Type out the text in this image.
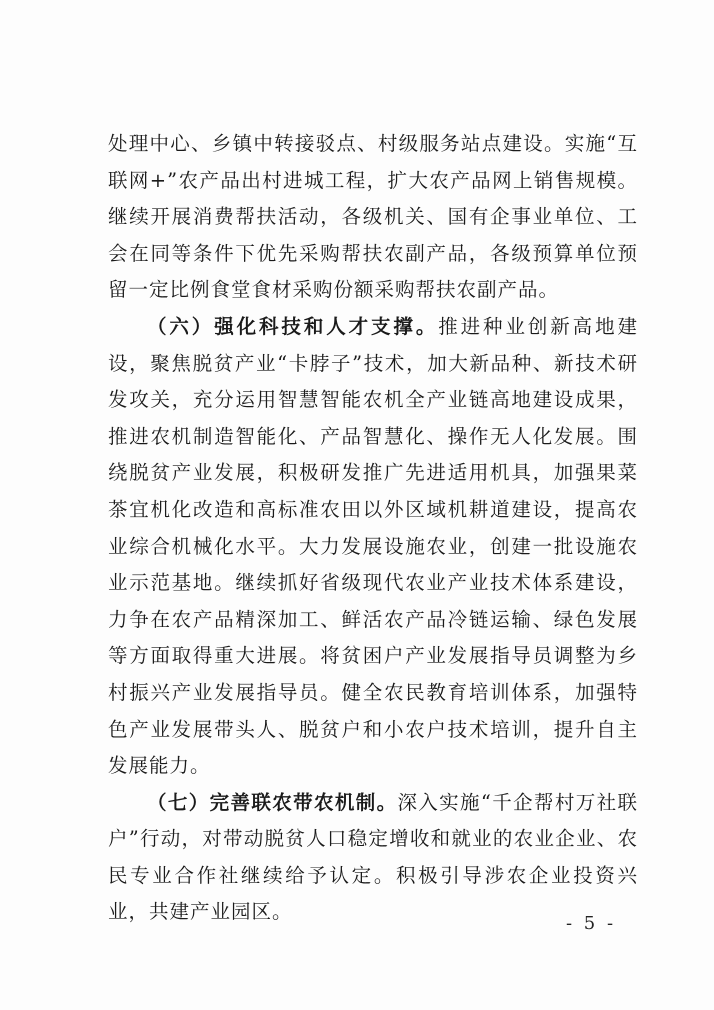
处理中心、乡镇中转接驳点、村级服务站点建设。实施“互联网+”农产品出村进城工程，扩大农产品网上销售规模。继续开展消费帮扶活动，各级机关、国有企事业单位、工会在同等条件下优先采购帮扶农副产品，各级预算单位预留一定比例食堂食材采购份额采购帮扶农副产品。

（六）强化科技和人才支撑。推进种业创新高地建设，聚焦脱贫产业“卡脖子”技术，加大新品种、新技术研发攻关，充分运用智慧智能农机全产业链高地建设成果，推进农机制造智能化、产品智慧化、操作无人化发展。围绕脱贫产业发展，积极研发推广先进适用机具，加强果菜茶宜机化改造和高标准农田以外区域机耕道建设，提高农业综合机械化水平。大力发展设施农业，创建一批设施农业示范基地。继续抓好省级现代农业产业技术体系建设，力争在农产品精深加工、鲜活农产品冷链运输、绿色发展等方面取得重大进展。将贫困户产业发展指导员调整为乡村振兴产业发展指导员。健全农民教育培训体系，加强特色产业发展带头人、脱贫户和小农户技术培训，提升自主发展能力。

（七）完善联农带农机制。深入实施“千企帮村万社联户”行动，对带动脱贫人口稳定增收和就业的农业企业、农民专业合作社继续给予认定。积极引导涉农企业投资兴业，共建产业园区。

- 5 -
